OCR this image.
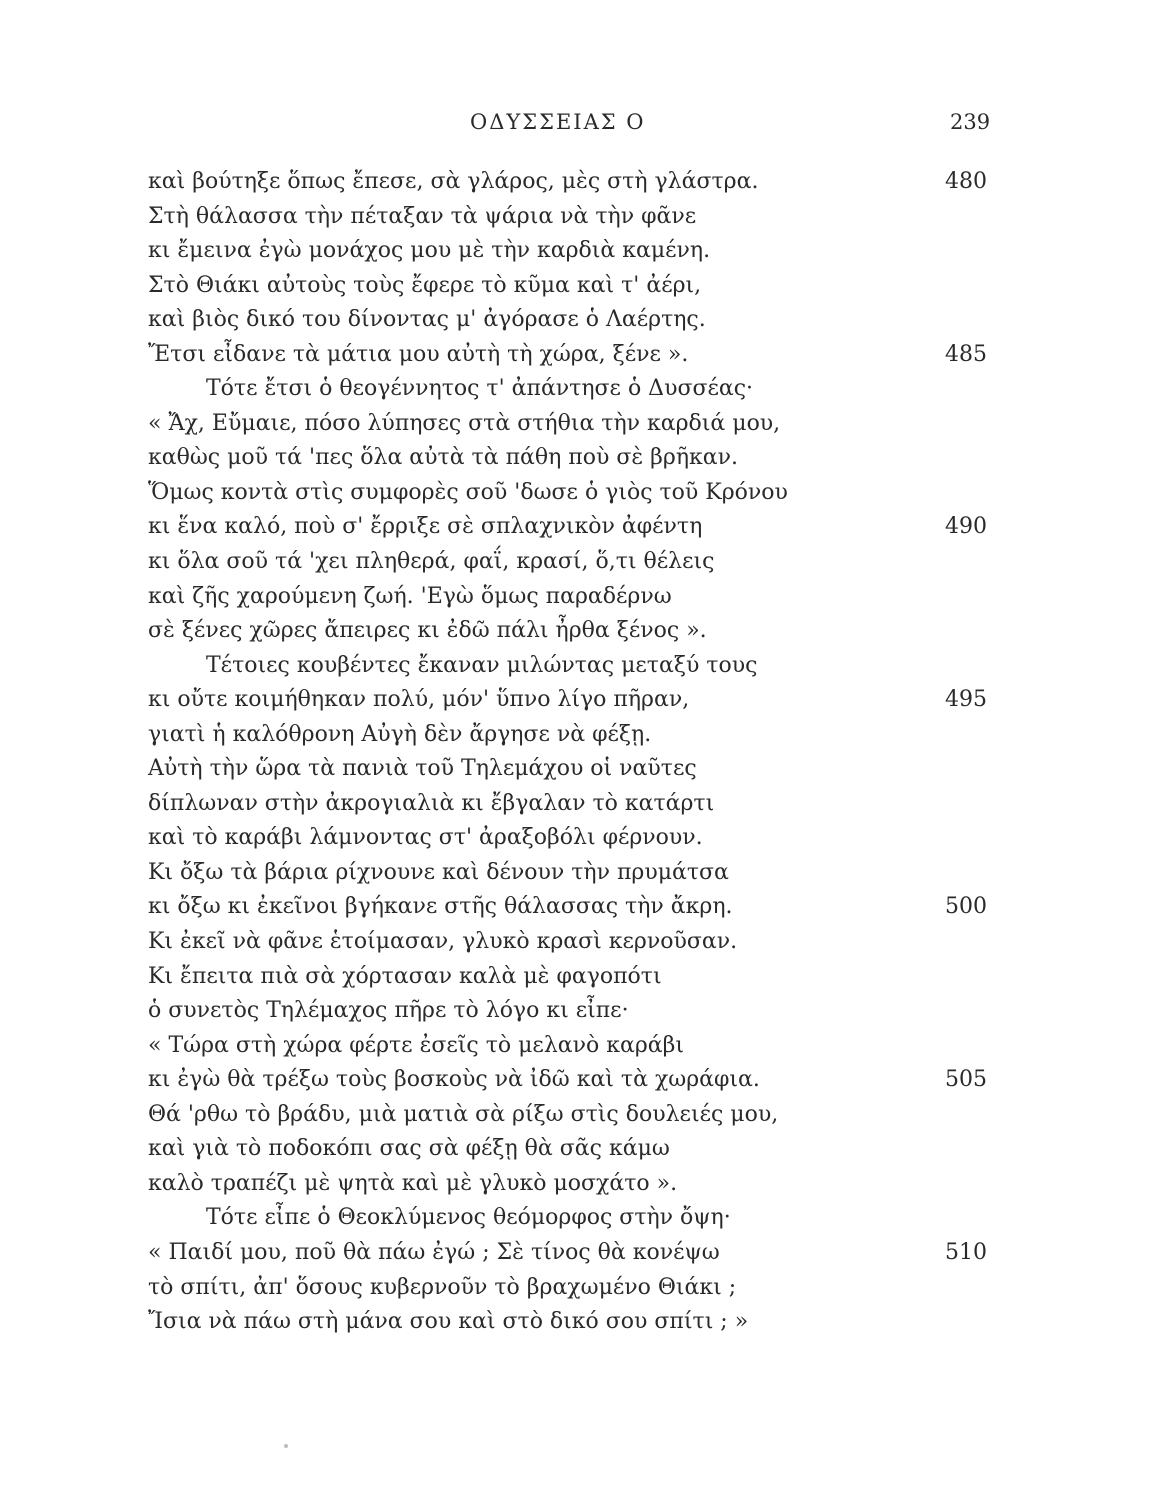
ΟΔΥΣΣΕΙΑΣ Ο	239
καὶ βούτηξε ὅπως ἔπεσε, σὰ γλάρος, μὲς στὴ γλάστρα.	480
Στὴ θάλασσα τὴν πέταξαν τὰ ψάρια νὰ τὴν φᾶνε
κι ἔμεινα ἐγὼ μονάχος μου μὲ τὴν καρδιὰ καμένη.
Στὸ Θιάκι αὐτοὺς τοὺς ἔφερε τὸ κῦμα καὶ τ' ἀέρι,
καὶ βιὸς δικό του δίνοντας μ' ἀγόρασε ὁ Λαέρτης.
Ἔτσι εἶδανε τὰ μάτια μου αὐτὴ τὴ χώρα, ξένε ».	485
Τότε ἔτσι ὁ θεογέννητος τ' ἀπάντησε ὁ Δυσσέας·
« Ἄχ, Εὔμαιε, πόσο λύπησες στὰ στήθια τὴν καρδιά μου,
καθὼς μοῦ τά 'πες ὅλα αὐτὰ τὰ πάθη ποὺ σὲ βρῆκαν.
Ὅμως κοντὰ στὶς συμφορὲς σοῦ 'δωσε ὁ γιὸς τοῦ Κρόνου
κι ἕνα καλό, ποὺ σ' ἔρριξε σὲ σπλαχνικὸν ἀφέντη	490
κι ὅλα σοῦ τά 'χει πληθερά, φαΐ, κρασί, ὅ,τι θέλεις
καὶ ζῆς χαρούμενη ζωή. 'Εγὼ ὅμως παραδέρνω
σὲ ξένες χῶρες ἄπειρες κι ἐδῶ πάλι ἦρθα ξένος ».
Τέτοιες κουβέντες ἔκαναν μιλώντας μεταξύ τους
κι οὔτε κοιμήθηκαν πολύ, μόν' ὕπνο λίγο πῆραν,	495
γιατὶ ἡ καλόθρονη Αὐγὴ δὲν ἄργησε νὰ φέξῃ.
Αὐτὴ τὴν ὥρα τὰ πανιὰ τοῦ Τηλεμάχου οἱ ναῦτες
δίπλωναν στὴν ἀκρογιαλιὰ κι ἔβγαλαν τὸ κατάρτι
καὶ τὸ καράβι λάμνοντας στ' ἀραξοβόλι φέρνουν.
Κι ὄξω τὰ βάρια ρίχνουνε καὶ δένουν τὴν πρυμάτσα
κι ὄξω κι ἐκεῖνοι βγήκανε στῆς θάλασσας τὴν ἄκρη.	500
Κι ἐκεῖ νὰ φᾶνε ἑτοίμασαν, γλυκὸ κρασὶ κερνοῦσαν.
Κι ἔπειτα πιὰ σὰ χόρτασαν καλὰ μὲ φαγοπότι
ὁ συνετὸς Τηλέμαχος πῆρε τὸ λόγο κι εἶπε·
« Τώρα στὴ χώρα φέρτε ἐσεῖς τὸ μελανὸ καράβι
κι ἐγὼ θὰ τρέξω τοὺς βοσκοὺς νὰ ἰδῶ καὶ τὰ χωράφια.	505
Θά 'ρθω τὸ βράδυ, μιὰ ματιὰ σὰ ρίξω στὶς δουλειές μου,
καὶ γιὰ τὸ ποδοκόπι σας σὰ φέξῃ θὰ σᾶς κάμω
καλὸ τραπέζι μὲ ψητὰ καὶ μὲ γλυκὸ μοσχάτο ».
Τότε εἶπε ὁ Θεοκλύμενος θεόμορφος στὴν ὄψη·
« Παιδί μου, ποῦ θὰ πάω ἐγώ ; Σὲ τίνος θὰ κονέψω	510
τὸ σπίτι, ἀπ' ὅσους κυβερνοῦν τὸ βραχωμένο Θιάκι ;
Ἴσια νὰ πάω στὴ μάνα σου καὶ στὸ δικό σου σπίτι ; »
